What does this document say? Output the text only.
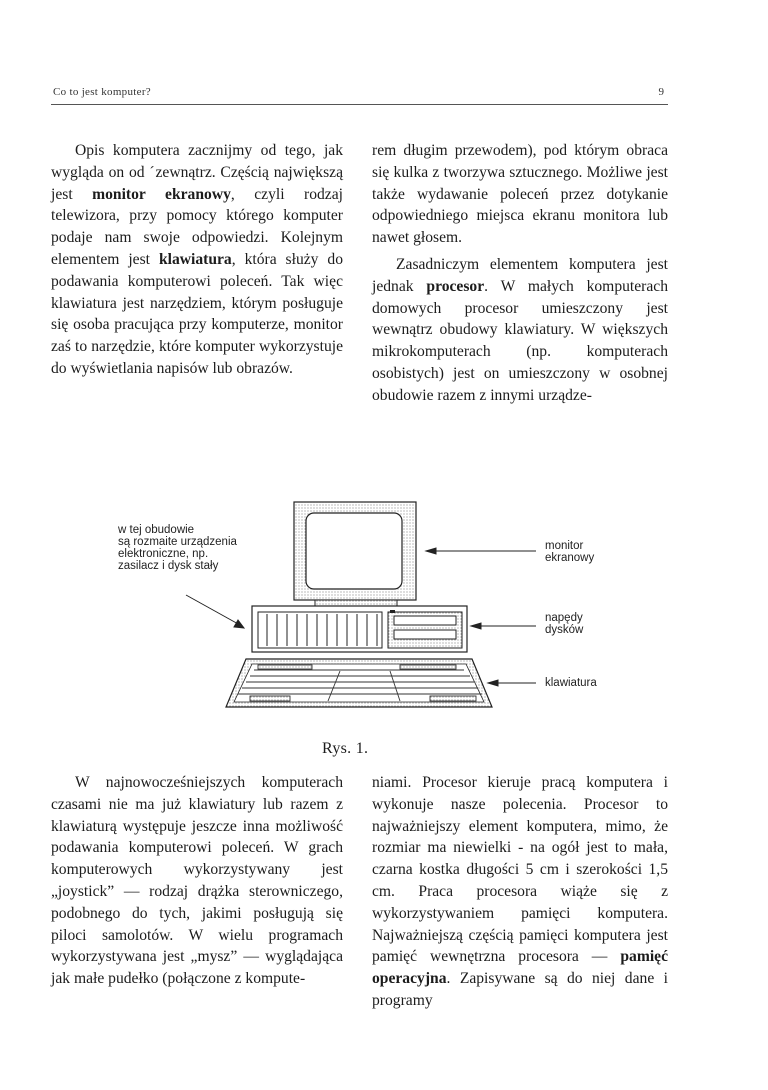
Co to jest komputer?	9

Opis komputera zacznijmy od tego, jak wygląda on od ˊzewnątrz. Częścią największą jest monitor ekranowy, czyli rodzaj telewizora, przy pomocy którego komputer podaje nam swoje odpowiedzi. Kolejnym elementem jest klawiatura, która służy do podawania komputerowi poleceń. Tak więc klawiatura jest narzędziem, którym posługuje się osoba pracująca przy komputerze, monitor zaś to narzędzie, które komputer wykorzystuje do wyświetlania napisów lub obrazów.

rem długim przewodem), pod którym obraca się kulka z tworzywa sztucznego. Możliwe jest także wydawanie poleceń przez dotykanie odpowiedniego miejsca ekranu monitora lub nawet głosem.

Zasadniczym elementem komputera jest jednak procesor. W małych komputerach domowych procesor umieszczony jest wewnątrz obudowy klawiatury. W większych mikrokomputerach (np. komputerach osobistych) jest on umieszczony w osobnej obudowie razem z innymi urządze-

w tej obudowie
są rozmaite urządzenia
elektroniczne, np.
zasilacz i dysk stały
monitor
ekranowy
napędy
dysków
klawiatura
Rys. 1.

W najnowocześniejszych komputerach czasami nie ma już klawiatury lub razem z klawiaturą występuje jeszcze inna możliwość podawania komputerowi poleceń. W grach komputerowych wykorzystywany jest „joystick” — rodzaj drążka sterowniczego, podobnego do tych, jakimi posługują się piloci samolotów. W wielu programach wykorzystywana jest „mysz” — wyglądająca jak małe pudełko (połączone z kompute-

niami. Procesor kieruje pracą komputera i wykonuje nasze polecenia. Procesor to najważniejszy element komputera, mimo, że rozmiar ma niewielki - na ogół jest to mała, czarna kostka długości 5 cm i szerokości 1,5 cm. Praca procesora wiąże się z wykorzystywaniem pamięci komputera. Najważniejszą częścią pamięci komputera jest pamięć wewnętrzna procesora — pamięć operacyjna. Zapisywane są do niej dane i programy
